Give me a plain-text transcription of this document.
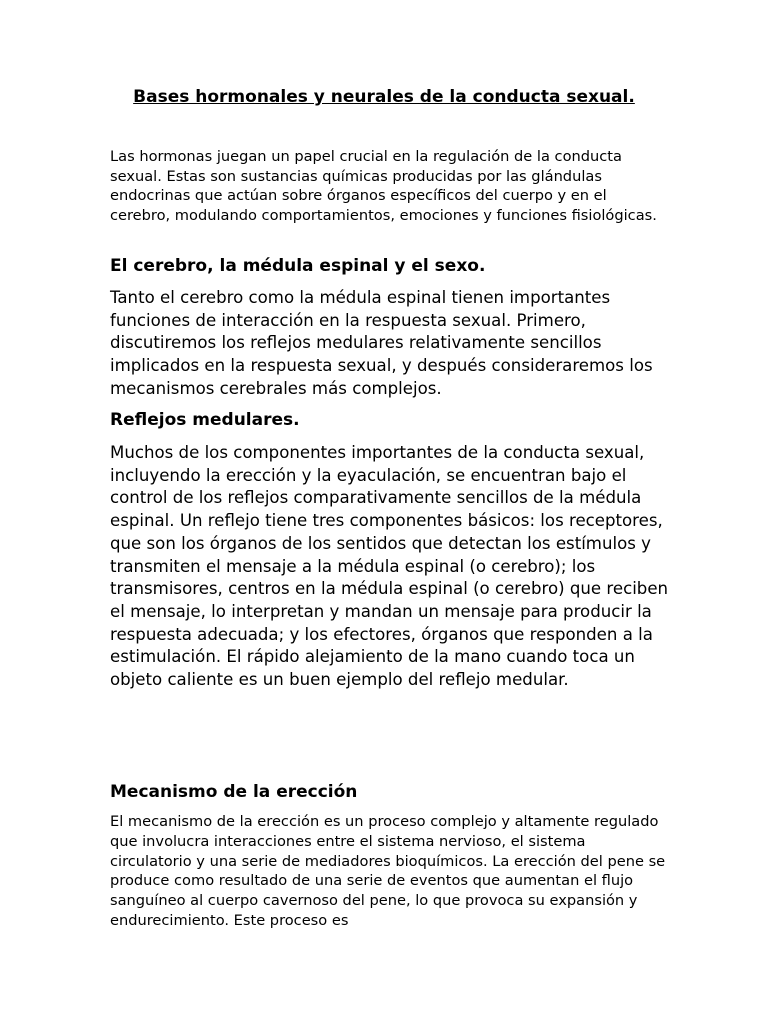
Bases hormonales y neurales de la conducta sexual.

Las hormonas juegan un papel crucial en la regulación de la conducta sexual. Estas son sustancias químicas producidas por las glándulas endocrinas que actúan sobre órganos específicos del cuerpo y en el cerebro, modulando comportamientos, emociones y funciones fisiológicas.

El cerebro, la médula espinal y el sexo.

Tanto el cerebro como la médula espinal tienen importantes funciones de interacción en la respuesta sexual. Primero, discutiremos los reflejos medulares relativamente sencillos implicados en la respuesta sexual, y después consideraremos los mecanismos cerebrales más complejos.

Reflejos medulares.

Muchos de los componentes importantes de la conducta sexual, incluyendo la erección y la eyaculación, se encuentran bajo el control de los reflejos comparativamente sencillos de la médula espinal. Un reflejo tiene tres componentes básicos: los receptores, que son los órganos de los sentidos que detectan los estímulos y transmiten el mensaje a la médula espinal (o cerebro); los transmisores, centros en la médula espinal (o cerebro) que reciben el mensaje, lo interpretan y mandan un mensaje para producir la respuesta adecuada; y los efectores, órganos que responden a la estimulación. El rápido alejamiento de la mano cuando toca un objeto caliente es un buen ejemplo del reflejo medular.

Mecanismo de la erección

El mecanismo de la erección es un proceso complejo y altamente regulado que involucra interacciones entre el sistema nervioso, el sistema circulatorio y una serie de mediadores bioquímicos. La erección del pene se produce como resultado de una serie de eventos que aumentan el flujo sanguíneo al cuerpo cavernoso del pene, lo que provoca su expansión y endurecimiento. Este proceso es
